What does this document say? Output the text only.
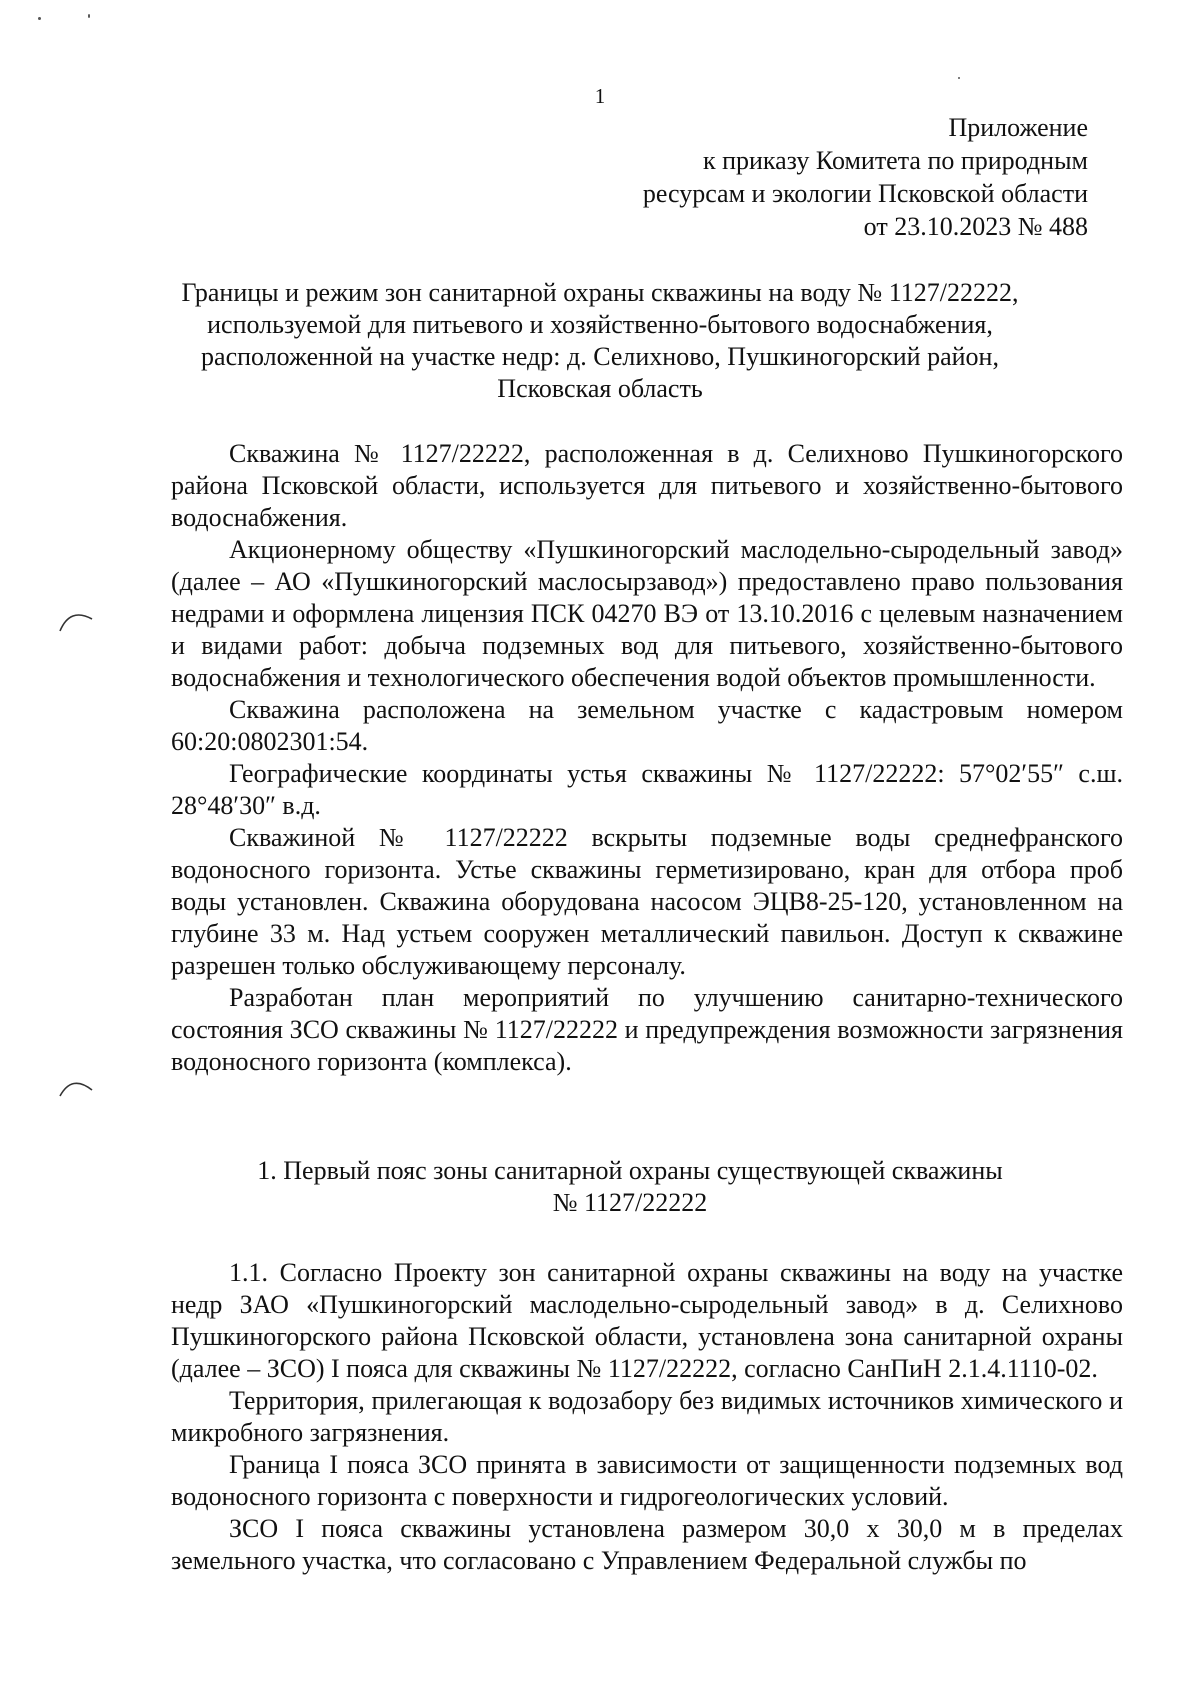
1
Приложение
к приказу Комитета по природным
ресурсам и экологии Псковской области
от 23.10.2023 № 488
Границы и режим зон санитарной охраны скважины на воду № 1127/22222,
используемой для питьевого и хозяйственно-бытового водоснабжения,
расположенной на участке недр: д. Селихново, Пушкиногорский район,
Псковская область

Скважина № 1127/22222, расположенная в д. Селихново Пушкиногорского района Псковской области, используется для питьевого и хозяйственно-бытового водоснабжения.

Акционерному обществу «Пушкиногорский маслодельно-сыродельный завод» (далее – АО «Пушкиногорский маслосырзавод») предоставлено право пользования недрами и оформлена лицензия ПСК 04270 ВЭ от 13.10.2016 с целевым назначением и видами работ: добыча подземных вод для питьевого, хозяйственно-бытового водоснабжения и технологического обеспечения водой объектов промышленности.

Скважина расположена на земельном участке с кадастровым номером 60:20:0802301:54.

Географические координаты устья скважины № 1127/22222: 57°02′55″ с.ш. 28°48′30″ в.д.

Скважиной № 1127/22222 вскрыты подземные воды среднефранского водоносного горизонта. Устье скважины герметизировано, кран для отбора проб воды установлен. Скважина оборудована насосом ЭЦВ8-25-120, установленном на глубине 33 м. Над устьем сооружен металлический павильон. Доступ к скважине разрешен только обслуживающему персоналу.

Разработан план мероприятий по улучшению санитарно-технического состояния ЗСО скважины № 1127/22222 и предупреждения возможности загрязнения водоносного горизонта (комплекса).

1. Первый пояс зоны санитарной охраны существующей скважины
№ 1127/22222

1.1. Согласно Проекту зон санитарной охраны скважины на воду на участке недр ЗАО «Пушкиногорский маслодельно-сыродельный завод» в д. Селихново Пушкиногорского района Псковской области, установлена зона санитарной охраны (далее – ЗСО) I пояса для скважины № 1127/22222, согласно СанПиН 2.1.4.1110-02.

Территория, прилегающая к водозабору без видимых источников химического и микробного загрязнения.

Граница I пояса ЗСО принята в зависимости от защищенности подземных вод водоносного горизонта с поверхности и гидрогеологических условий.

ЗСО I пояса скважины установлена размером 30,0 х 30,0 м в пределах земельного участка, что согласовано с Управлением Федеральной службы по
